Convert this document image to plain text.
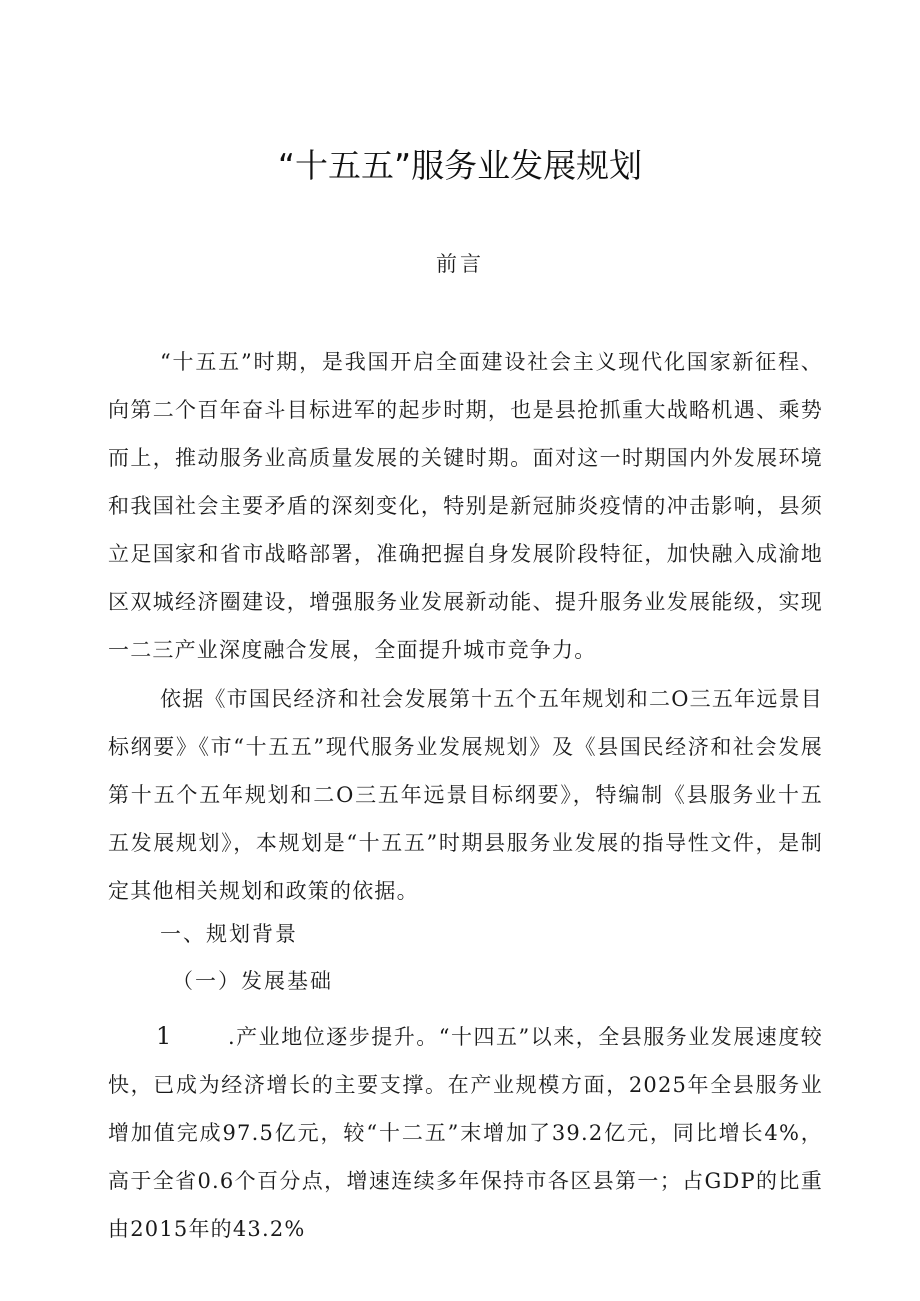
“十五五”服务业发展规划
前言

“十五五”时期，是我国开启全面建设社会主义现代化国家新征程、向第二个百年奋斗目标进军的起步时期，也是县抢抓重大战略机遇、乘势而上，推动服务业高质量发展的关键时期。面对这一时期国内外发展环境和我国社会主要矛盾的深刻变化，特别是新冠肺炎疫情的冲击影响，县须立足国家和省市战略部署，准确把握自身发展阶段特征，加快融入成渝地区双城经济圈建设，增强服务业发展新动能、提升服务业发展能级，实现一二三产业深度融合发展，全面提升城市竞争力。

依据《市国民经济和社会发展第十五个五年规划和二O三五年远景目标纲要》《市“十五五”现代服务业发展规划》及《县国民经济和社会发展第十五个五年规划和二O三五年远景目标纲要》，特编制《县服务业十五五发展规划》，本规划是“十五五”时期县服务业发展的指导性文件，是制定其他相关规划和政策的依据。

一、规划背景

（一）发展基础

1	.产业地位逐步提升。“十四五”以来，全县服务业发展速度较快，已成为经济增长的主要支撑。在产业规模方面，2025年全县服务业增加值完成97.5亿元，较“十二五”末增加了39.2亿元，同比增长4%，高于全省0.6个百分点，增速连续多年保持市各区县第一；占GDP的比重由2015年的43.2%
